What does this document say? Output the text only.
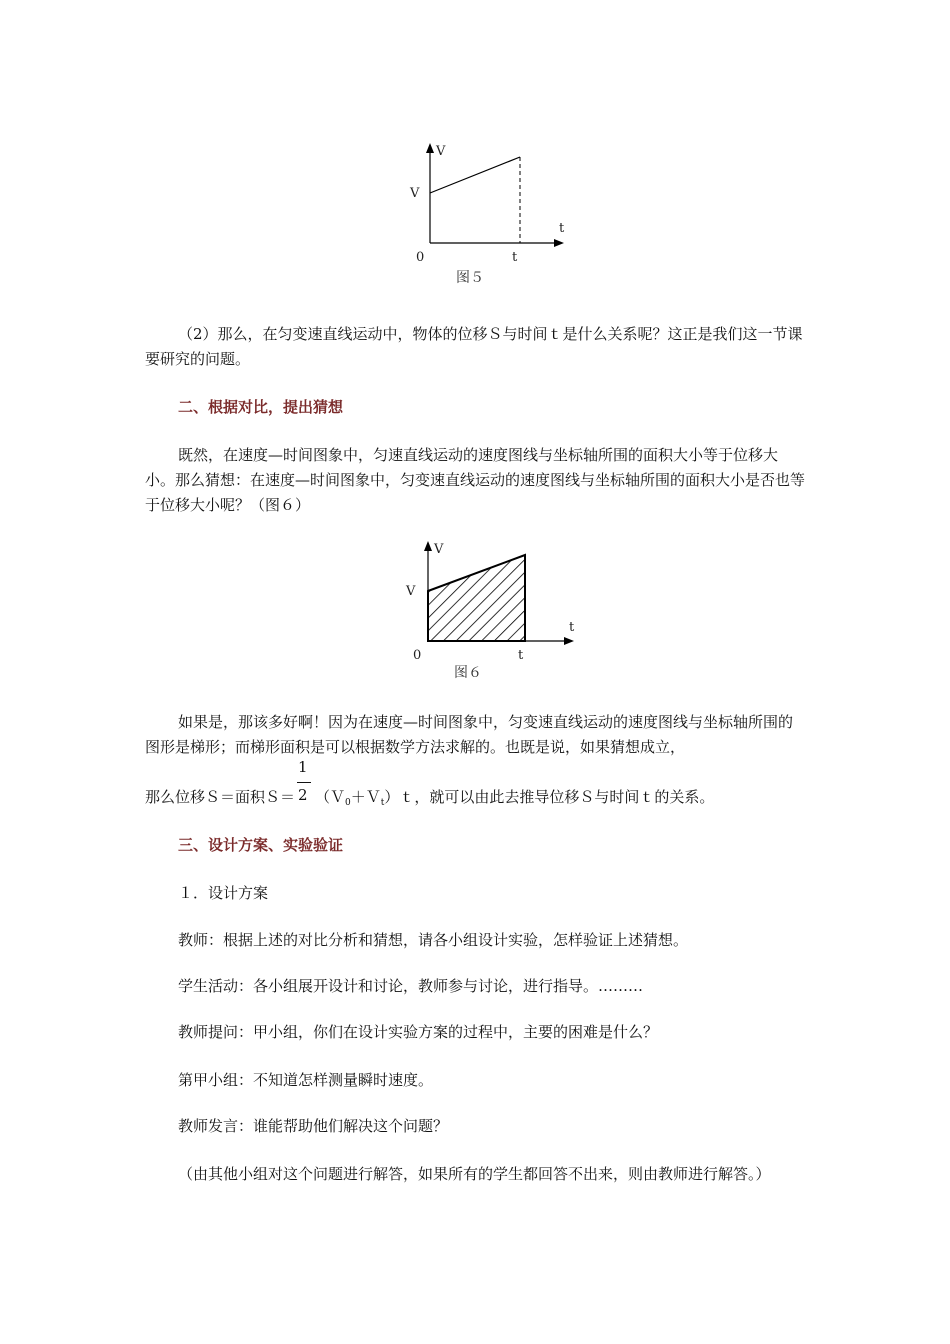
V
V
t
0	t
图５
（2）那么，在匀变速直线运动中，物体的位移Ｓ与时间ｔ是什么关系呢？这正是我们这一节课要研究的问题。
二、根据对比，提出猜想
既然，在速度—时间图象中，匀速直线运动的速度图线与坐标轴所围的面积大小等于位移大小。那么猜想：在速度—时间图象中，匀变速直线运动的速度图线与坐标轴所围的面积大小是否也等于位移大小呢？（图６）
V
V
t
0	t
图６
如果是，那该多好啊！因为在速度—时间图象中，匀变速直线运动的速度图线与坐标轴所围的图形是梯形；而梯形面积是可以根据数学方法求解的。也既是说，如果猜想成立，
那么位移Ｓ＝面积Ｓ＝ $\frac{1}{2}$ （Ｖ$_0$＋Ｖ$_t$）ｔ，就可以由此去推导位移Ｓ与时间ｔ的关系。
三、设计方案、实验验证
１．设计方案
教师：根据上述的对比分析和猜想，请各小组设计实验，怎样验证上述猜想。
学生活动：各小组展开设计和讨论，教师参与讨论，进行指导。………
教师提问：甲小组，你们在设计实验方案的过程中，主要的困难是什么？
第甲小组：不知道怎样测量瞬时速度。
教师发言：谁能帮助他们解决这个问题？
（由其他小组对这个问题进行解答，如果所有的学生都回答不出来，则由教师进行解答。）
